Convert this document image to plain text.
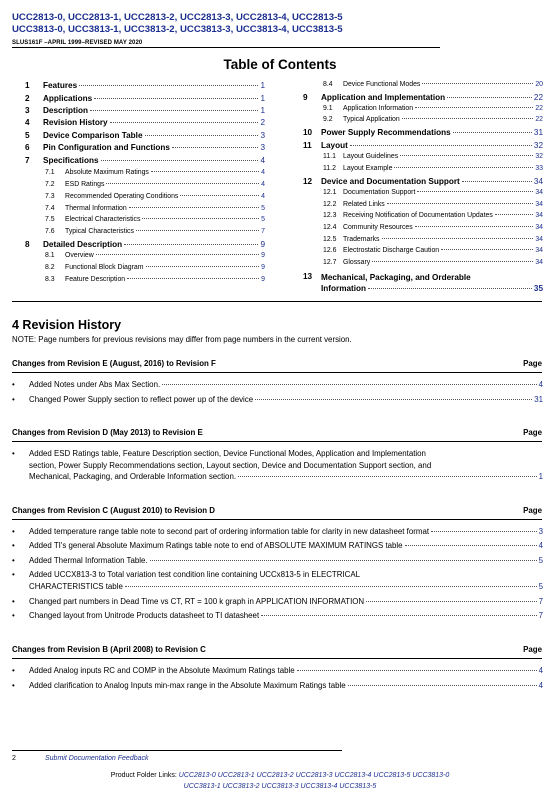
UCC2813-0, UCC2813-1, UCC2813-2, UCC2813-3, UCC2813-4, UCC2813-5
UCC3813-0, UCC3813-1, UCC3813-2, UCC3813-3, UCC3813-4, UCC3813-5
SLUS161F –APRIL 1999–REVISED MAY 2020
Table of Contents
1	Features	1
2	Applications	1
3	Description	1
4	Revision History	2
5	Device Comparison Table	3
6	Pin Configuration and Functions	3
7	Specifications	4
7.1	Absolute Maximum Ratings	4
7.2	ESD Ratings	4
7.3	Recommended Operating Conditions	4
7.4	Thermal Information	5
7.5	Electrical Characteristics	5
7.6	Typical Characteristics	7
8	Detailed Description	9
8.1	Overview	9
8.2	Functional Block Diagram	9
8.3	Feature Description	9
8.4	Device Functional Modes	20
9	Application and Implementation	22
9.1	Application Information	22
9.2	Typical Application	22
10	Power Supply Recommendations	31
11	Layout	32
11.1	Layout Guidelines	32
11.2	Layout Example	33
12	Device and Documentation Support	34
12.1 Documentation Support	34
12.2 Related Links	34
12.3 Receiving Notification of Documentation Updates	34
12.4 Community Resources	34
12.5 Trademarks	34
12.6 Electrostatic Discharge Caution	34
12.7 Glossary	34
13	Mechanical, Packaging, and Orderable
Information	35
4 Revision History
NOTE: Page numbers for previous revisions may differ from page numbers in the current version.
Changes from Revision E (August, 2016) to Revision F	Page
• Added Notes under Abs Max Section.	4
• Changed Power Supply section to reflect power up of the device	31
Changes from Revision D (May 2013) to Revision E	Page
• Added ESD Ratings table, Feature Description section, Device Functional Modes, Application and Implementation
section, Power Supply Recommendations section, Layout section, Device and Documentation Support section, and
Mechanical, Packaging, and Orderable Information section.	1
Changes from Revision C (August 2010) to Revision D	Page
• Added temperature range table note to second part of ordering information table for clarity in new datasheet format	3
• Added TI's general Absolute Maximum Ratings table note to end of ABSOLUTE MAXIMUM RATINGS table	4
• Added Thermal Information Table.	5
• Added UCCX813-3 to Total variation test condition line containing UCCx813-5 in ELECTRICAL
CHARACTERISTICS table	5
• Changed part numbers in Dead Time vs CT, RT = 100 k graph in APPLICATION INFORMATION	7
• Changed layout from Unitrode Products datasheet to TI datasheet	7
Changes from Revision B (April 2008) to Revision C	Page
• Added Analog inputs RC and COMP in the Absolute Maximum Ratings table	4
• Added clarification to Analog Inputs min-max range in the Absolute Maximum Ratings table	4
2	Submit Documentation Feedback
Product Folder Links: UCC2813-0 UCC2813-1 UCC2813-2 UCC2813-3 UCC2813-4 UCC2813-5 UCC3813-0
UCC3813-1 UCC3813-2 UCC3813-3 UCC3813-4 UCC3813-5
